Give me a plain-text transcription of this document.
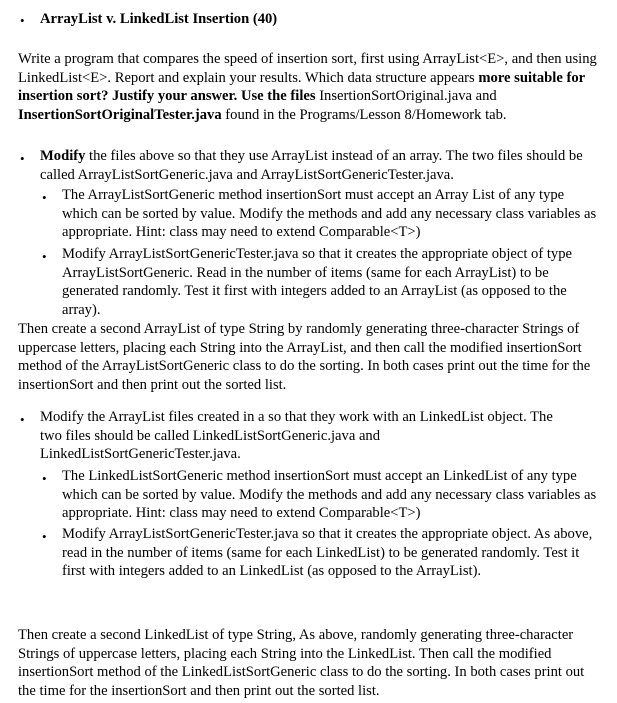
• ArrayList v. LinkedList Insertion (40)

Write a program that compares the speed of insertion sort, first using ArrayList<E>, and then using LinkedList<E>. Report and explain your results. Which data structure appears more suitable for insertion sort? Justify your answer. Use the files InsertionSortOriginal.java and InsertionSortOriginalTester.java found in the Programs/Lesson 8/Homework tab.

• Modify the files above so that they use ArrayList instead of an array. The two files should be called ArrayListSortGeneric.java and ArrayListSortGenericTester.java.

• The ArrayListSortGeneric method insertionSort must accept an Array List of any type which can be sorted by value. Modify the methods and add any necessary class variables as appropriate. Hint: class may need to extend Comparable<T>)

• Modify ArrayListSortGenericTester.java so that it creates the appropriate object of type ArrayListSortGeneric. Read in the number of items (same for each ArrayList) to be generated randomly. Test it first with integers added to an ArrayList (as opposed to the array).

Then create a second ArrayList of type String by randomly generating three-character Strings of uppercase letters, placing each String into the ArrayList, and then call the modified insertionSort method of the ArrayListSortGeneric class to do the sorting. In both cases print out the time for the insertionSort and then print out the sorted list.

• Modify the ArrayList files created in a so that they work with an LinkedList object. The two files should be called LinkedListSortGeneric.java and LinkedListSortGenericTester.java.

• The LinkedListSortGeneric method insertionSort must accept an LinkedList of any type which can be sorted by value. Modify the methods and add any necessary class variables as appropriate. Hint: class may need to extend Comparable<T>)

• Modify ArrayListSortGenericTester.java so that it creates the appropriate object. As above, read in the number of items (same for each LinkedList) to be generated randomly. Test it first with integers added to an LinkedList (as opposed to the ArrayList).

Then create a second LinkedList of type String, As above, randomly generating three-character Strings of uppercase letters, placing each String into the LinkedList. Then call the modified insertionSort method of the LinkedListSortGeneric class to do the sorting. In both cases print out the time for the insertionSort and then print out the sorted list.
